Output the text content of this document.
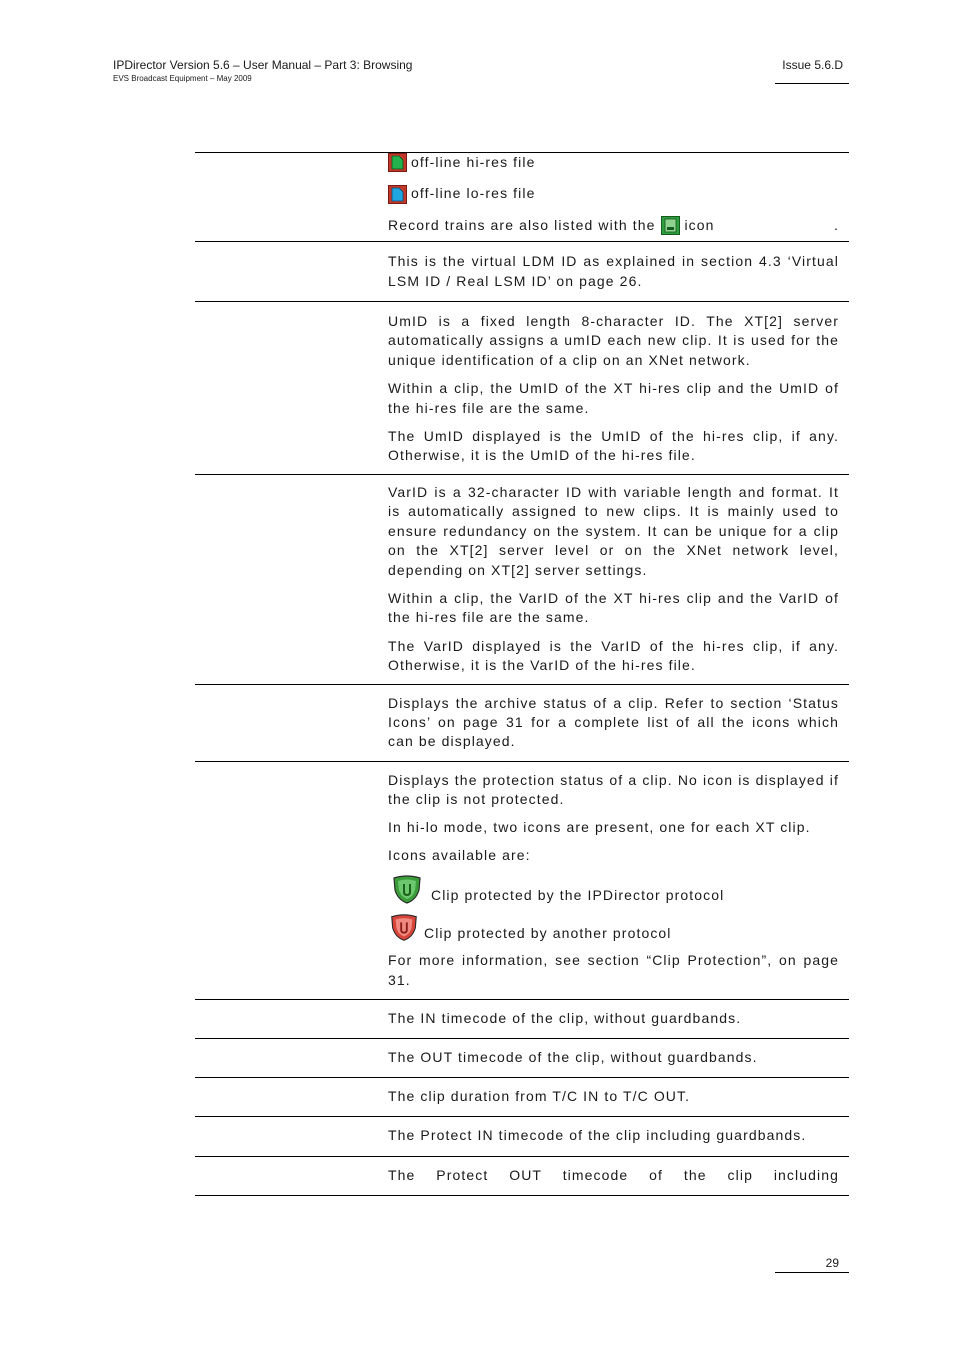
IPDirector Version 5.6 – User Manual – Part 3: Browsing
EVS Broadcast Equipment – May 2009
Issue 5.6.D

off-line hi-res file

off-line lo-res file

Record trains are also listed with the icon	.

This is the virtual LDM ID as explained in section 4.3 ‘Virtual LSM ID / Real LSM ID’ on page 26.

UmID is a fixed length 8-character ID. The XT[2] server automatically assigns a umID each new clip. It is used for the unique identification of a clip on an XNet network.

Within a clip, the UmID of the XT hi-res clip and the UmID of the hi-res file are the same.

The UmID displayed is the UmID of the hi-res clip, if any. Otherwise, it is the UmID of the hi-res file.

VarID is a 32-character ID with variable length and format. It is automatically assigned to new clips. It is mainly used to ensure redundancy on the system. It can be unique for a clip on the XT[2] server level or on the XNet network level, depending on XT[2] server settings.

Within a clip, the VarID of the XT hi-res clip and the VarID of the hi-res file are the same.

The VarID displayed is the VarID of the hi-res clip, if any. Otherwise, it is the VarID of the hi-res file.

Displays the archive status of a clip. Refer to section ‘Status Icons’ on page 31 for a complete list of all the icons which can be displayed.

Displays the protection status of a clip. No icon is displayed if the clip is not protected.

In hi-lo mode, two icons are present, one for each XT clip.

Icons available are:

Clip protected by the IPDirector protocol

Clip protected by another protocol

For more information, see section “Clip Protection”, on page 31.

The IN timecode of the clip, without guardbands.

The OUT timecode of the clip, without guardbands.

The clip duration from T/C IN to T/C OUT.

The Protect IN timecode of the clip including guardbands.

The Protect OUT timecode of the clip including

29
